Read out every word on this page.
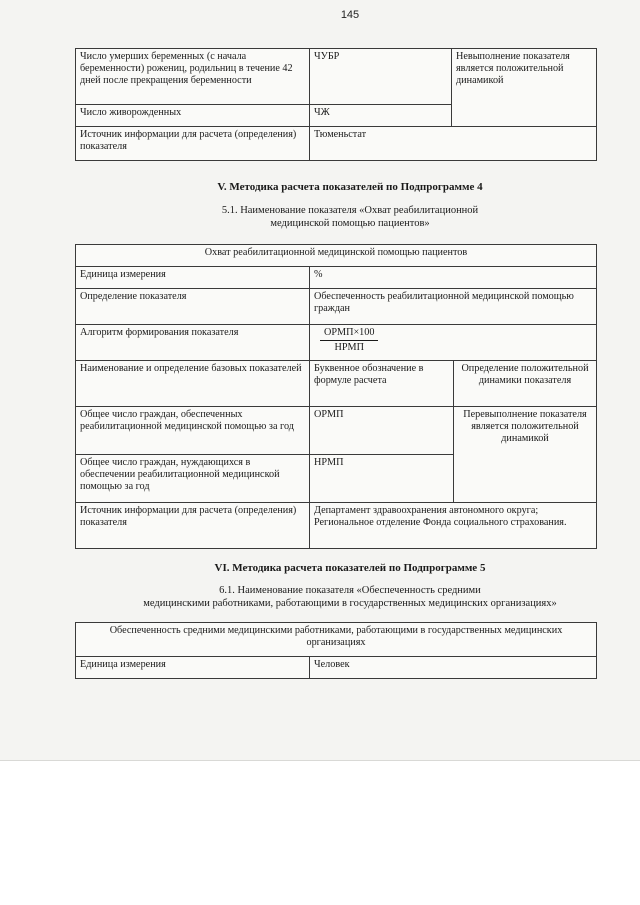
145
Число умерших беременных (с начала беременности) рожениц, родильниц в течение 42 дней после прекращения беременности	ЧУБР	Невыполнение показателя является положительной динамикой
Число живорожденных	ЧЖ	
Источник информации для расчета (определения) показателя	Тюменьстат	
V. Методика расчета показателей по Подпрограмме 4
5.1. Наименование показателя «Охват реабилитационной
медицинской помощью пациентов»
Охват реабилитационной медицинской помощью пациентов		
Единица измерения	%	
Определение показателя	Обеспеченность реабилитационной медицинской помощью граждан	
Алгоритм формирования показателя	$\frac{\text{ОРМП×100}}{\text{НРМП}}$

Наименование и определение базовых показателей	Буквенное обозначение в формуле расчета	Определение положительной динамики показателя
Общее число граждан, обеспеченных реабилитационной медицинской помощью за год	ОРМП	Перевыполнение показателя является положительной динамикой
Общее число граждан, нуждающихся в обеспечении реабилитационной медицинской помощью за год	НРМП	
Источник информации для расчета (определения) показателя	Департамент здравоохранения автономного округа; Региональное отделение Фонда социального страхования.	
VI. Методика расчета показателей по Подпрограмме 5
6.1. Наименование показателя «Обеспеченность средними
медицинскими работниками, работающими в государственных медицинских организациях»
Обеспеченность средними медицинскими работниками, работающими в государственных медицинских организациях
Единица измерения	Человек
